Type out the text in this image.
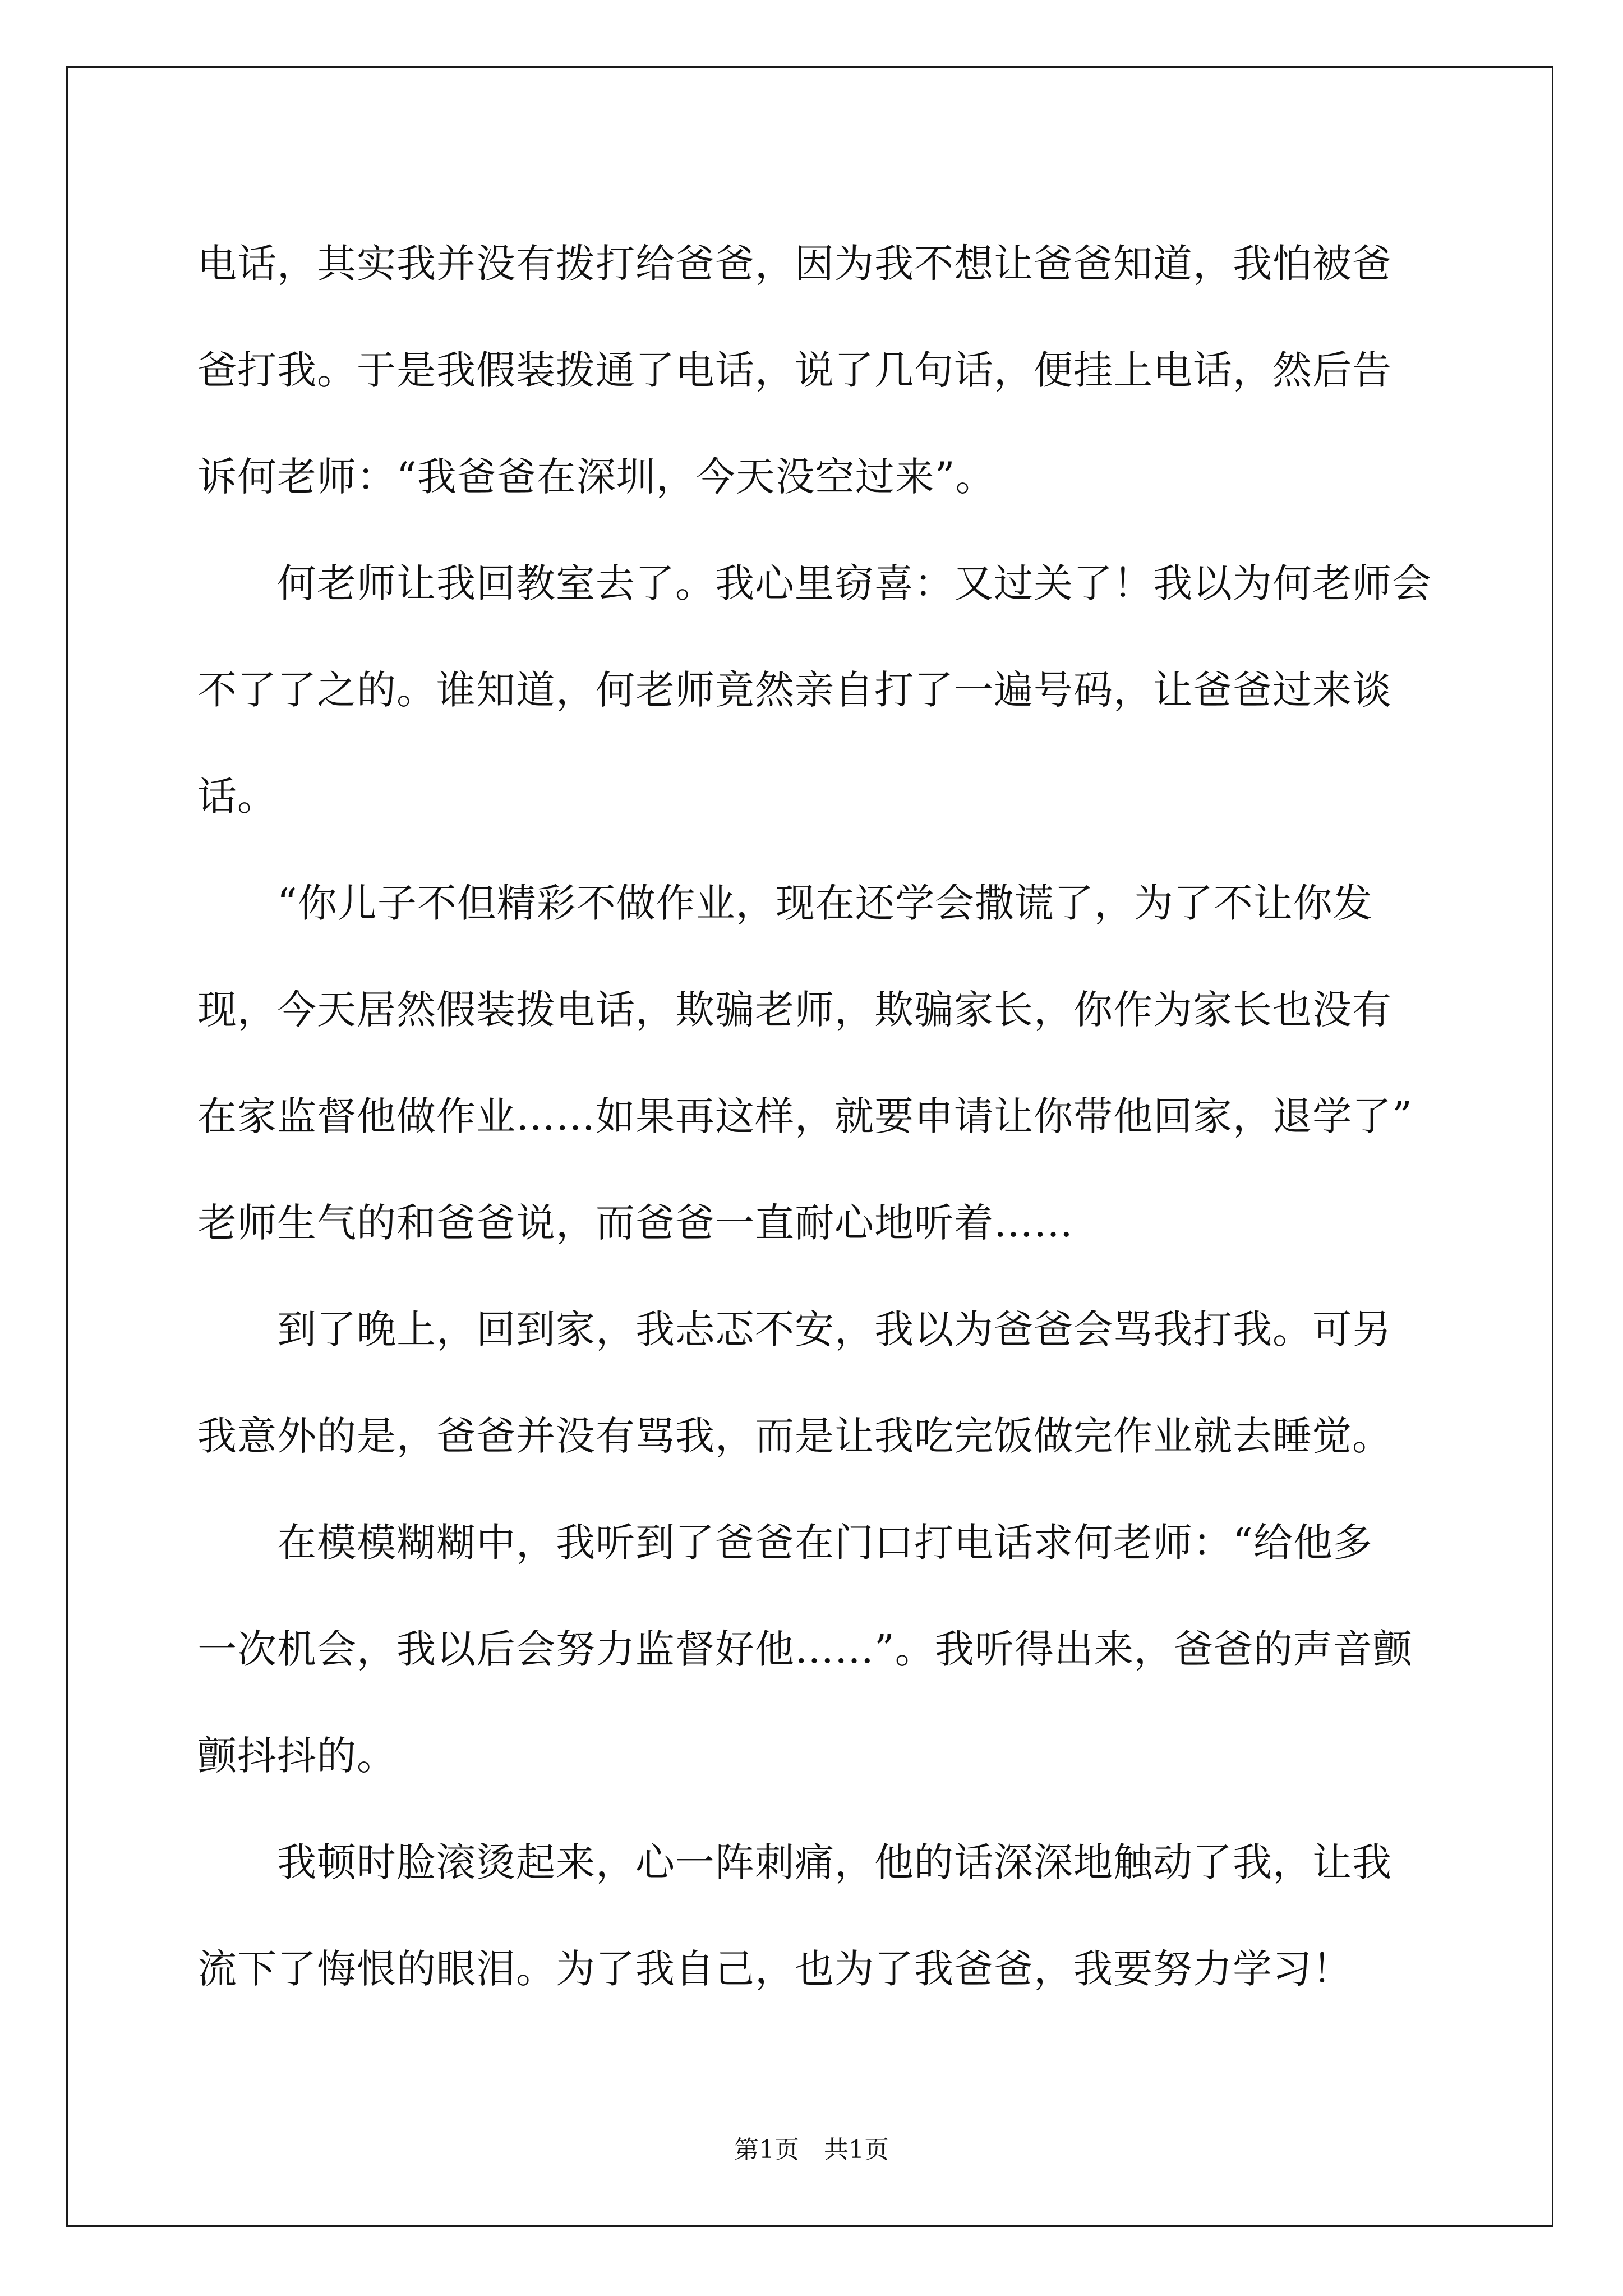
电话，其实我并没有拨打给爸爸，因为我不想让爸爸知道，我怕被爸
爸打我。于是我假装拨通了电话，说了几句话，便挂上电话，然后告
诉何老师：“我爸爸在深圳，今天没空过来”。
　　何老师让我回教室去了。我心里窃喜：又过关了！我以为何老师会
不了了之的。谁知道，何老师竟然亲自打了一遍号码，让爸爸过来谈
话。
　　“你儿子不但精彩不做作业，现在还学会撒谎了，为了不让你发
现，今天居然假装拨电话，欺骗老师，欺骗家长，你作为家长也没有
在家监督他做作业……如果再这样，就要申请让你带他回家，退学了”
老师生气的和爸爸说，而爸爸一直耐心地听着……
　　到了晚上，回到家，我忐忑不安，我以为爸爸会骂我打我。可另
我意外的是，爸爸并没有骂我，而是让我吃完饭做完作业就去睡觉。
　　在模模糊糊中，我听到了爸爸在门口打电话求何老师：“给他多
一次机会，我以后会努力监督好他……”。我听得出来，爸爸的声音颤
颤抖抖的。
　　我顿时脸滚烫起来，心一阵刺痛，他的话深深地触动了我，让我
流下了悔恨的眼泪。为了我自己，也为了我爸爸，我要努力学习！
第1页　共1页
